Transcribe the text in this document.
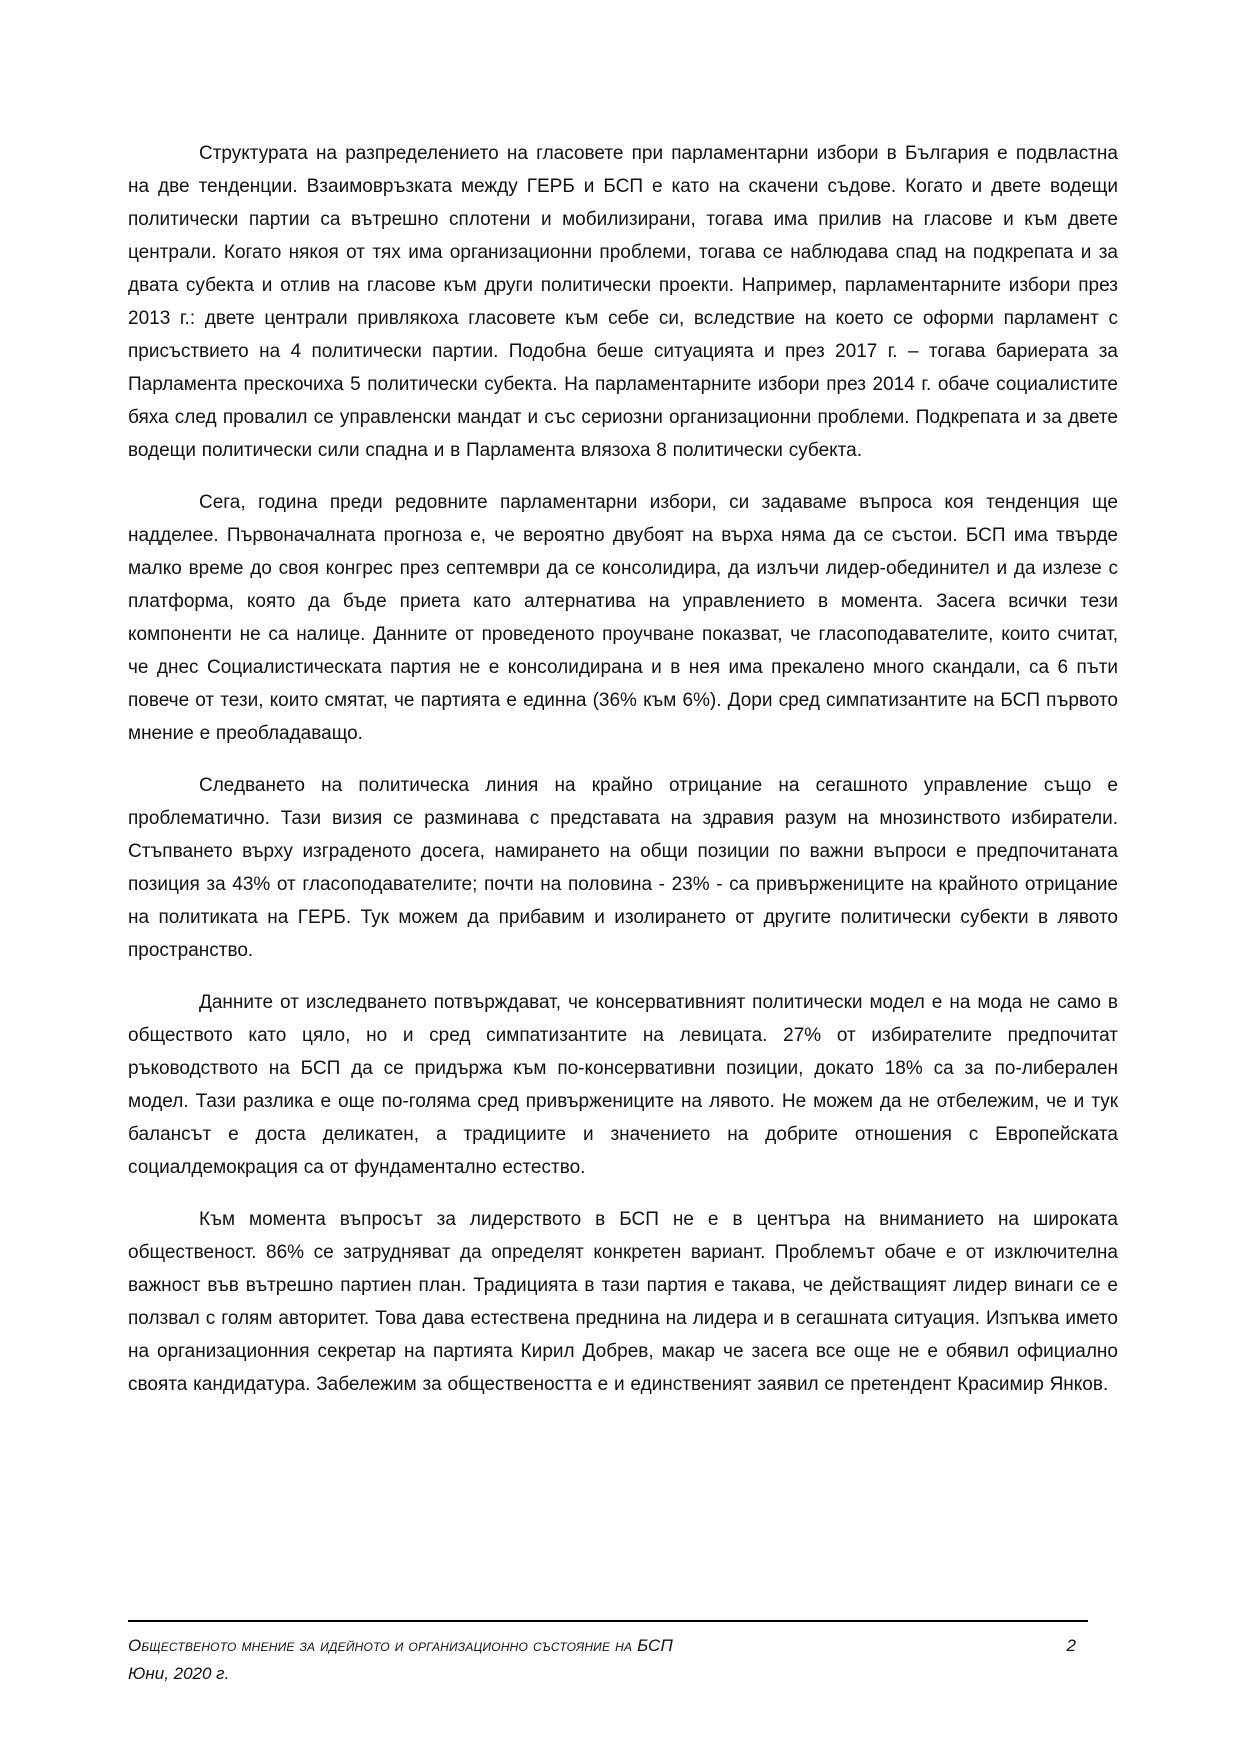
Структурата на разпределението на гласовете при парламентарни избори в България е подвластна на две тенденции. Взаимовръзката между ГЕРБ и БСП е като на скачени съдове. Когато и двете водещи политически партии са вътрешно сплотени и мобилизирани, тогава има прилив на гласове и към двете централи. Когато някоя от тях има организационни проблеми, тогава се наблюдава спад на подкрепата и за двата субекта и отлив на гласове към други политически проекти. Например, парламентарните избори през 2013 г.: двете централи привлякоха гласовете към себе си, вследствие на което се оформи парламент с присъствието на 4 политически партии. Подобна беше ситуацията и през 2017 г. – тогава бариерата за Парламента прескочиха 5 политически субекта. На парламентарните избори през 2014 г. обаче социалистите бяха след провалил се управленски мандат и със сериозни организационни проблеми. Подкрепата и за двете водещи политически сили спадна и в Парламента влязоха 8 политически субекта.

Сега, година преди редовните парламентарни избори, си задаваме въпроса коя тенденция ще надделее. Първоначалната прогноза е, че вероятно двубоят на върха няма да се състои. БСП има твърде малко време до своя конгрес през септември да се консолидира, да излъчи лидер-обединител и да излезе с платформа, която да бъде приета като алтернатива на управлението в момента. Засега всички тези компоненти не са налице. Данните от проведеното проучване показват, че гласоподавателите, които считат, че днес Социалистическата партия не е консолидирана и в нея има прекалено много скандали, са 6 пъти повече от тези, които смятат, че партията е единна (36% към 6%). Дори сред симпатизантите на БСП първото мнение е преобладаващо.

Следването на политическа линия на крайно отрицание на сегашното управление също е проблематично. Тази визия се разминава с представата на здравия разум на мнозинството избиратели. Стъпването върху изграденото досега, намирането на общи позиции по важни въпроси е предпочитаната позиция за 43% от гласоподавателите; почти на половина - 23% - са привържениците на крайното отрицание на политиката на ГЕРБ. Тук можем да прибавим и изолирането от другите политически субекти в лявото пространство.

Данните от изследването потвърждават, че консервативният политически модел е на мода не само в обществото като цяло, но и сред симпатизантите на левицата. 27% от избирателите предпочитат ръководството на БСП да се придържа към по-консервативни позиции, докато 18% са за по-либерален модел. Тази разлика е още по-голяма сред привържениците на лявото. Не можем да не отбележим, че и тук балансът е доста деликатен, а традициите и значението на добрите отношения с Европейската социалдемокрация са от фундаментално естество.

Към момента въпросът за лидерството в БСП не е в центъра на вниманието на широката общественост. 86% се затрудняват да определят конкретен вариант. Проблемът обаче е от изключителна важност във вътрешно партиен план. Традицията в тази партия е такава, че действащият лидер винаги се е ползвал с голям авторитет. Това дава естествена преднина на лидера и в сегашната ситуация. Изпъква името на организационния секретар на партията Кирил Добрев, макар че засега все още не е обявил официално своята кандидатура. Забележим за обществеността е и единственият заявил се претендент Красимир Янков.

Общественото мнение за идейното и организационно състояние на БСП	2
Юни, 2020 г.
